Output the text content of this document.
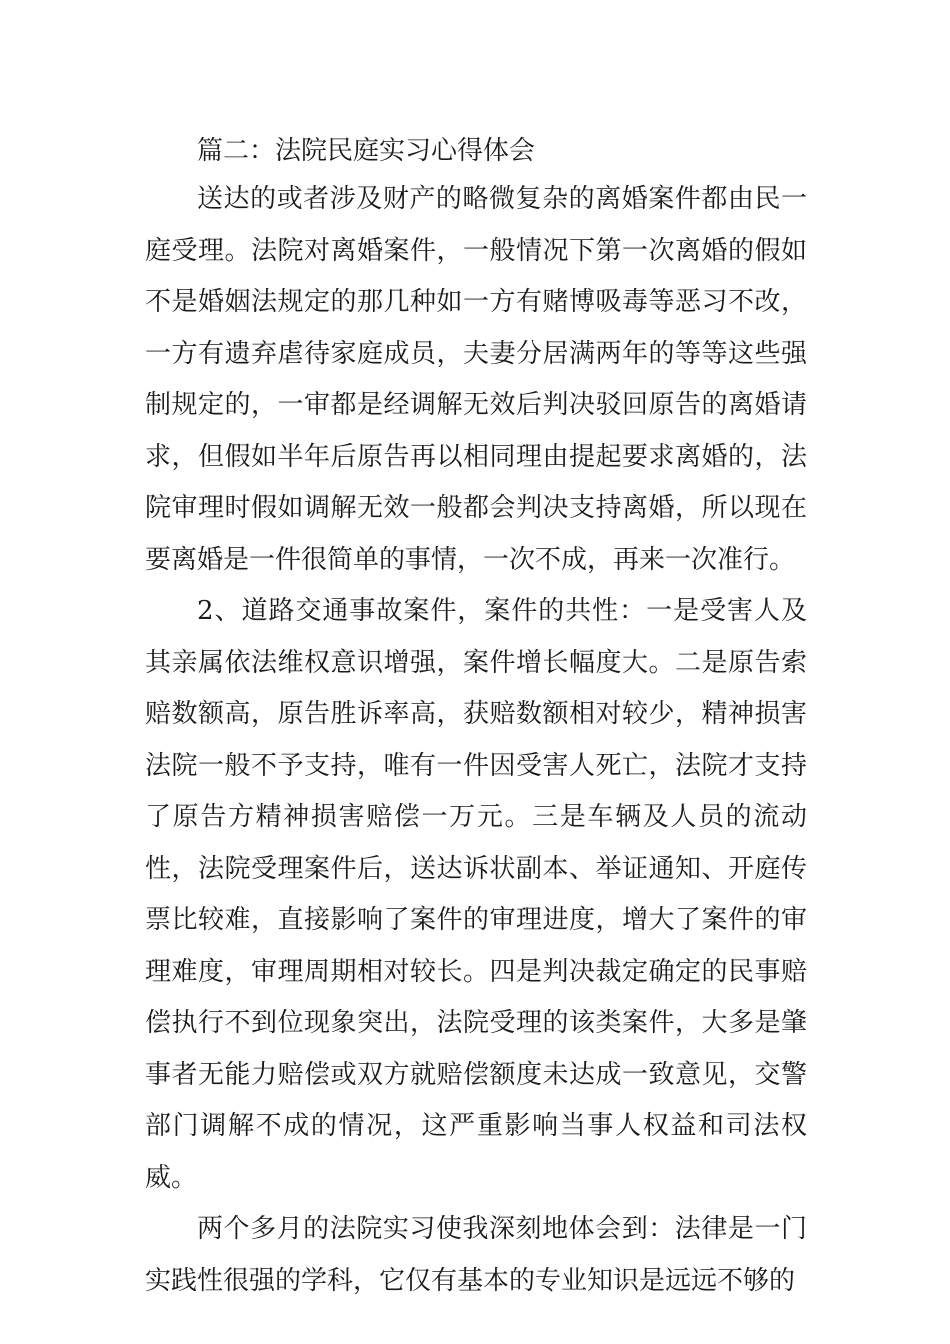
篇二：法院民庭实习心得体会

送达的或者涉及财产的略微复杂的离婚案件都由民一庭受理。法院对离婚案件，一般情况下第一次离婚的假如不是婚姻法规定的那几种如一方有赌博吸毒等恶习不改，一方有遗弃虐待家庭成员，夫妻分居满两年的等等这些强制规定的，一审都是经调解无效后判决驳回原告的离婚请求，但假如半年后原告再以相同理由提起要求离婚的，法院审理时假如调解无效一般都会判决支持离婚，所以现在要离婚是一件很简单的事情，一次不成，再来一次准行。

2、道路交通事故案件，案件的共性：一是受害人及其亲属依法维权意识增强，案件增长幅度大。二是原告索赔数额高，原告胜诉率高，获赔数额相对较少，精神损害法院一般不予支持，唯有一件因受害人死亡，法院才支持了原告方精神损害赔偿一万元。三是车辆及人员的流动性，法院受理案件后，送达诉状副本、举证通知、开庭传票比较难，直接影响了案件的审理进度，增大了案件的审理难度，审理周期相对较长。四是判决裁定确定的民事赔偿执行不到位现象突出，法院受理的该类案件，大多是肇事者无能力赔偿或双方就赔偿额度未达成一致意见，交警部门调解不成的情况，这严重影响当事人权益和司法权威。

两个多月的法院实习使我深刻地体会到：法律是一门实践性很强的学科，它仅有基本的专业知识是远远不够的
